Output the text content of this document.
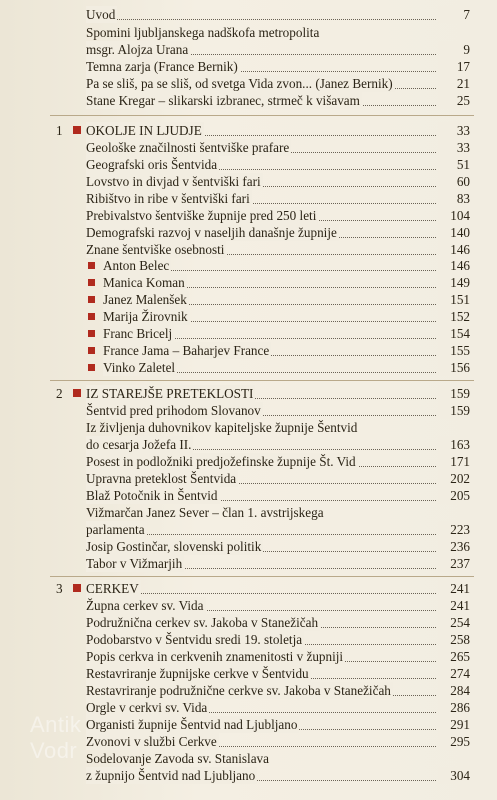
Uvod	7
Spomini ljubljanskega nadškofa metropolita
msgr. Alojza Urana	9
Temna zarja (France Bernik)	17
Pa se sliš, pa se sliš, od svetga Vida zvon... (Janez Bernik)	21
Stane Kregar – slikarski izbranec, strmeč k višavam	25
1 OKOLJE IN LJUDJE	33
Geološke značilnosti šentviške prafare	33
Geografski oris Šentvida	51
Lovstvo in divjad v šentviški fari	60
Ribištvo in ribe v šentviški fari	83
Prebivalstvo šentviške župnije pred 250 leti	104
Demografski razvoj v naseljih današnje župnije	140
Znane šentviške osebnosti	146
Anton Belec	146
Manica Koman	149
Janez Malenšek	151
Marija Žirovnik	152
Franc Bricelj	154
France Jama – Baharjev France	155
Vinko Zaletel	156
2 IZ STAREJŠE PRETEKLOSTI	159
Šentvid pred prihodom Slovanov	159
Iz življenja duhovnikov kapiteljske župnije Šentvid
do cesarja Jožefa II.	163
Posest in podložniki predjožefinske župnije Št. Vid	171
Upravna preteklost Šentvida	202
Blaž Potočnik in Šentvid	205
Vižmarčan Janez Sever – član 1. avstrijskega
parlamenta	223
Josip Gostinčar, slovenski politik	236
Tabor v Vižmarjih	237
3 CERKEV	241
Župna cerkev sv. Vida	241
Podružnična cerkev sv. Jakoba v Stanežičah	254
Podobarstvo v Šentvidu sredi 19. stoletja	258
Popis cerkva in cerkvenih znamenitosti v župniji	265
Restavriranje župnijske cerkve v Šentvidu	274
Restavriranje podružnične cerkve sv. Jakoba v Stanežičah	284
Orgle v cerkvi sv. Vida	286
Organisti župnije Šentvid nad Ljubljano	291
Zvonovi v službi Cerkve	295
Sodelovanje Zavoda sv. Stanislava
z župnijo Šentvid nad Ljubljano	304
Antik
Vodr
